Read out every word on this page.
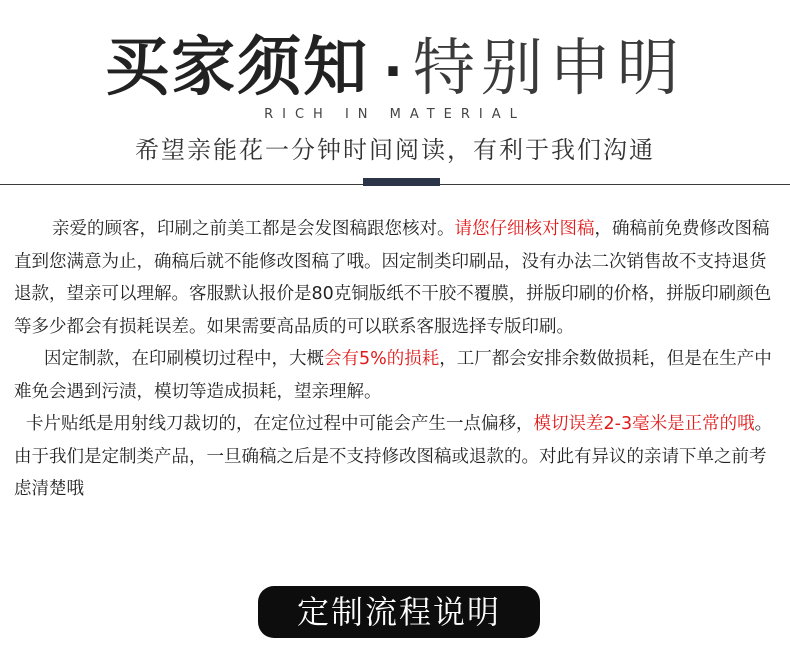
买家须知 · 特别申明
RICH IN MATERIAL
希望亲能花一分钟时间阅读，有利于我们沟通

亲爱的顾客，印刷之前美工都是会发图稿跟您核对。请您仔细核对图稿，确稿前免费修改图稿直到您满意为止，确稿后就不能修改图稿了哦。因定制类印刷品，没有办法二次销售故不支持退货退款，望亲可以理解。客服默认报价是80克铜版纸不干胶不覆膜，拼版印刷的价格，拼版印刷颜色等多少都会有损耗误差。如果需要高品质的可以联系客服选择专版印刷。

因定制款，在印刷模切过程中，大概会有5%的损耗，工厂都会安排余数做损耗，但是在生产中难免会遇到污渍，模切等造成损耗，望亲理解。

卡片贴纸是用射线刀裁切的，在定位过程中可能会产生一点偏移，模切误差2-3毫米是正常的哦。由于我们是定制类产品，一旦确稿之后是不支持修改图稿或退款的。对此有异议的亲请下单之前考虑清楚哦

定制流程说明
